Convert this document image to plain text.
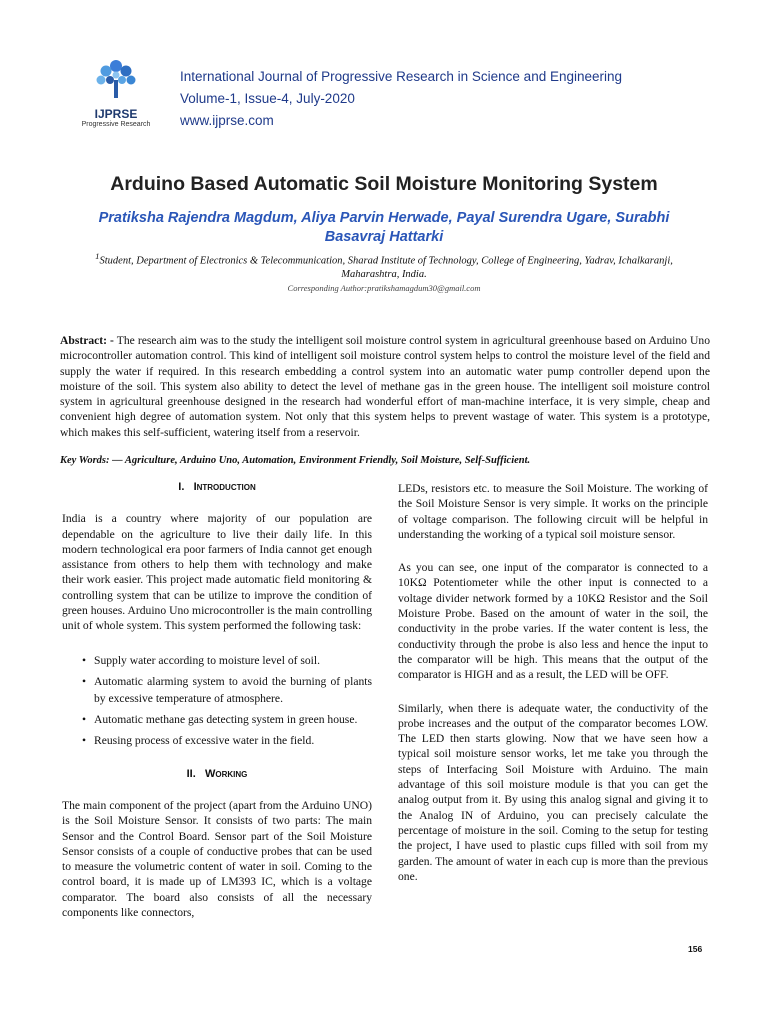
IJPRSE
Progressive Research
International Journal of Progressive Research in Science and Engineering
Volume-1, Issue-4, July-2020
www.ijprse.com
Arduino Based Automatic Soil Moisture Monitoring System
Pratiksha Rajendra Magdum, Aliya Parvin Herwade, Payal Surendra Ugare, Surabhi Basavraj Hattarki
$^1$Student, Department of Electronics & Telecommunication, Sharad Institute of Technology, College of Engineering, Yadrav, Ichalkaranji, Maharashtra, India.
Corresponding Author:pratikshamagdum30@gmail.com
Abstract: - The research aim was to the study the intelligent soil moisture control system in agricultural greenhouse based on Arduino Uno microcontroller automation control. This kind of intelligent soil moisture control system helps to control the moisture level of the field and supply the water if required. In this research embedding a control system into an automatic water pump controller depend upon the moisture of the soil. This system also ability to detect the level of methane gas in the green house. The intelligent soil moisture control system in agricultural greenhouse designed in the research had wonderful effort of man-machine interface, it is very simple, cheap and convenient high degree of automation system. Not only that this system helps to prevent wastage of water. This system is a prototype, which makes this self-sufficient, watering itself from a reservoir.
Key Words: — Agriculture, Arduino Uno, Automation, Environment Friendly, Soil Moisture, Self-Sufficient.
I. Introduction

India is a country where majority of our population are dependable on the agriculture to live their daily life. In this modern technological era poor farmers of India cannot get enough assistance from others to help them with technology and make their work easier. This project made automatic field monitoring & controlling system that can be utilize to improve the condition of green houses. Arduino Uno microcontroller is the main controlling unit of whole system. This system performed the following task:

• Supply water according to moisture level of soil.
• Automatic alarming system to avoid the burning of plants by excessive temperature of atmosphere.
• Automatic methane gas detecting system in green house.
• Reusing process of excessive water in the field.
II. Working

The main component of the project (apart from the Arduino UNO) is the Soil Moisture Sensor. It consists of two parts: The main Sensor and the Control Board. Sensor part of the Soil Moisture Sensor consists of a couple of conductive probes that can be used to measure the volumetric content of water in soil. Coming to the control board, it is made up of LM393 IC, which is a voltage comparator. The board also consists of all the necessary components like connectors,

LEDs, resistors etc. to measure the Soil Moisture. The working of the Soil Moisture Sensor is very simple. It works on the principle of voltage comparison. The following circuit will be helpful in understanding the working of a typical soil moisture sensor.

As you can see, one input of the comparator is connected to a 10KΩ Potentiometer while the other input is connected to a voltage divider network formed by a 10KΩ Resistor and the Soil Moisture Probe. Based on the amount of water in the soil, the conductivity in the probe varies. If the water content is less, the conductivity through the probe is also less and hence the input to the comparator will be high. This means that the output of the comparator is HIGH and as a result, the LED will be OFF.

Similarly, when there is adequate water, the conductivity of the probe increases and the output of the comparator becomes LOW. The LED then starts glowing. Now that we have seen how a typical soil moisture sensor works, let me take you through the steps of Interfacing Soil Moisture with Arduino. The main advantage of this soil moisture module is that you can get the analog output from it. By using this analog signal and giving it to the Analog IN of Arduino, you can precisely calculate the percentage of moisture in the soil. Coming to the setup for testing the project, I have used to plastic cups filled with soil from my garden. The amount of water in each cup is more than the previous one.

156
